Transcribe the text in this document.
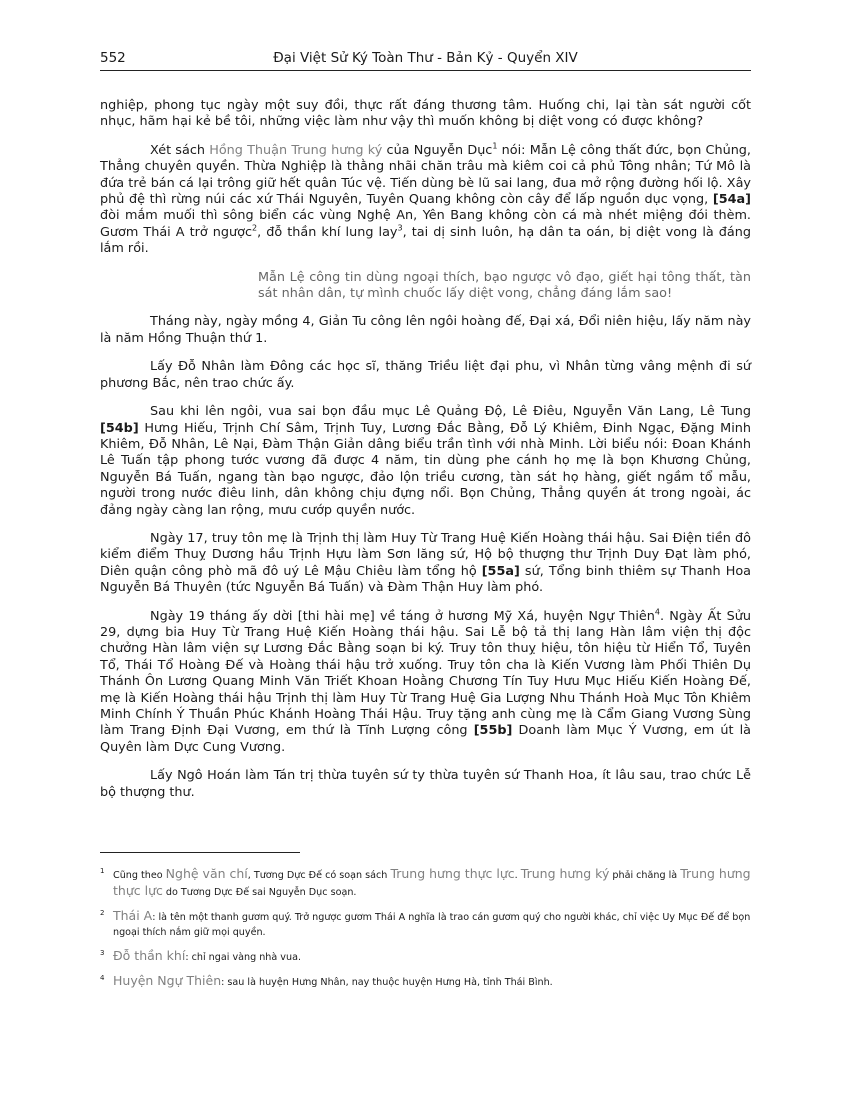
552	Đại Việt Sử Ký Toàn Thư - Bản Kỷ - Quyển XIV

nghiệp, phong tục ngày một suy đồi, thực rất đáng thương tâm. Huống chi, lại tàn sát người cốt nhục, hãm hại kẻ bề tôi, những việc làm như vậy thì muốn không bị diệt vong có được không?

Xét sách Hồng Thuận Trung hưng ký của Nguyễn Dục$^1$ nói: Mẫn Lệ công thất đức, bọn Chủng, Thẳng chuyên quyền. Thừa Nghiệp là thằng nhãi chăn trâu mà kiêm coi cả phủ Tông nhân; Tứ Mô là đứa trẻ bán cá lại trông giữ hết quân Túc vệ. Tiến dùng bè lũ sai lang, đua mở rộng đường hối lộ. Xây phủ đệ thì rừng núi các xứ Thái Nguyên, Tuyên Quang không còn cây để lấp nguồn dục vọng, [54a] đòi mắm muối thì sông biển các vùng Nghệ An, Yên Bang không còn cá mà nhét miệng đói thèm. Gươm Thái A trở ngược$^2$, đỗ thần khí lung lay$^3$, tai dị sinh luôn, hạ dân ta oán, bị diệt vong là đáng lắm rồi.

Mẫn Lệ công tin dùng ngoại thích, bạo ngược vô đạo, giết hại tông thất, tàn sát nhân dân, tự mình chuốc lấy diệt vong, chẳng đáng lắm sao!

Tháng này, ngày mồng 4, Giản Tu công lên ngôi hoàng đế, Đại xá, Đổi niên hiệu, lấy năm này là năm Hồng Thuận thứ 1.

Lấy Đỗ Nhân làm Đông các học sĩ, thăng Triều liệt đại phu, vì Nhân từng vâng mệnh đi sứ phương Bắc, nên trao chức ấy.

Sau khi lên ngôi, vua sai bọn đầu mục Lê Quảng Độ, Lê Điêu, Nguyễn Văn Lang, Lê Tung [54b] Hưng Hiếu, Trịnh Chí Sâm, Trịnh Tuy, Lương Đắc Bằng, Đỗ Lý Khiêm, Đinh Ngạc, Đặng Minh Khiêm, Đỗ Nhân, Lê Nại, Đàm Thận Giản dâng biểu trần tình với nhà Minh. Lời biểu nói: Đoan Khánh Lê Tuấn tập phong tước vương đã được 4 năm, tin dùng phe cánh họ mẹ là bọn Khương Chủng, Nguyễn Bá Tuấn, ngang tàn bạo ngược, đảo lộn triều cương, tàn sát họ hàng, giết ngầm tổ mẫu, người trong nước điêu linh, dân không chịu đựng nổi. Bọn Chủng, Thẳng quyền át trong ngoài, ác đảng ngày càng lan rộng, mưu cướp quyền nước.

Ngày 17, truy tôn mẹ là Trịnh thị làm Huy Từ Trang Huệ Kiến Hoàng thái hậu. Sai Điện tiền đô kiểm điểm Thuỵ Dương hầu Trịnh Hựu làm Sơn lăng sứ, Hộ bộ thượng thư Trịnh Duy Đạt làm phó, Diên quận công phò mã đô uý Lê Mậu Chiêu làm tổng hộ [55a] sứ, Tổng binh thiêm sự Thanh Hoa Nguyễn Bá Thuyên (tức Nguyễn Bá Tuấn) và Đàm Thận Huy làm phó.

Ngày 19 tháng ấy dời [thi hài mẹ] về táng ở hương Mỹ Xá, huyện Ngự Thiên$^4$. Ngày Ất Sửu 29, dựng bia Huy Từ Trang Huệ Kiến Hoàng thái hậu. Sai Lễ bộ tả thị lang Hàn lâm viện thị độc chưởng Hàn lâm viện sự Lương Đắc Bằng soạn bi ký. Truy tôn thuỵ hiệu, tôn hiệu từ Hiển Tổ, Tuyên Tổ, Thái Tổ Hoàng Đế và Hoàng thái hậu trở xuống. Truy tôn cha là Kiến Vương làm Phối Thiên Dụ Thánh Ôn Lương Quang Minh Văn Triết Khoan Hoằng Chương Tín Tuy Hưu Mục Hiếu Kiến Hoàng Đế, mẹ là Kiến Hoàng thái hậu Trịnh thị làm Huy Từ Trang Huệ Gia Lượng Nhu Thánh Hoà Mục Tôn Khiêm Minh Chính Ý Thuần Phúc Khánh Hoàng Thái Hậu. Truy tặng anh cùng mẹ là Cẩm Giang Vương Sùng làm Trang Định Đại Vương, em thứ là Tĩnh Lượng công [55b] Doanh làm Mục Ý Vương, em út là Quyên làm Dực Cung Vương.

Lấy Ngô Hoán làm Tán trị thừa tuyên sứ ty thừa tuyên sứ Thanh Hoa, ít lâu sau, trao chức Lễ bộ thượng thư.

1 Cũng theo Nghệ văn chí, Tương Dực Đế có soạn sách Trung hưng thực lực. Trung hưng ký phải chăng là Trung hưng thực lực do Tương Dực Đế sai Nguyễn Dục soạn.

2 Thái A: là tên một thanh gươm quý. Trở ngược gươm Thái A nghĩa là trao cán gươm quý cho người khác, chỉ việc Uy Mục Đế để bọn ngoại thích nắm giữ mọi quyền.

3 Đỗ thần khí: chỉ ngai vàng nhà vua.

4 Huyện Ngự Thiên: sau là huyện Hưng Nhân, nay thuộc huyện Hưng Hà, tỉnh Thái Bình.
